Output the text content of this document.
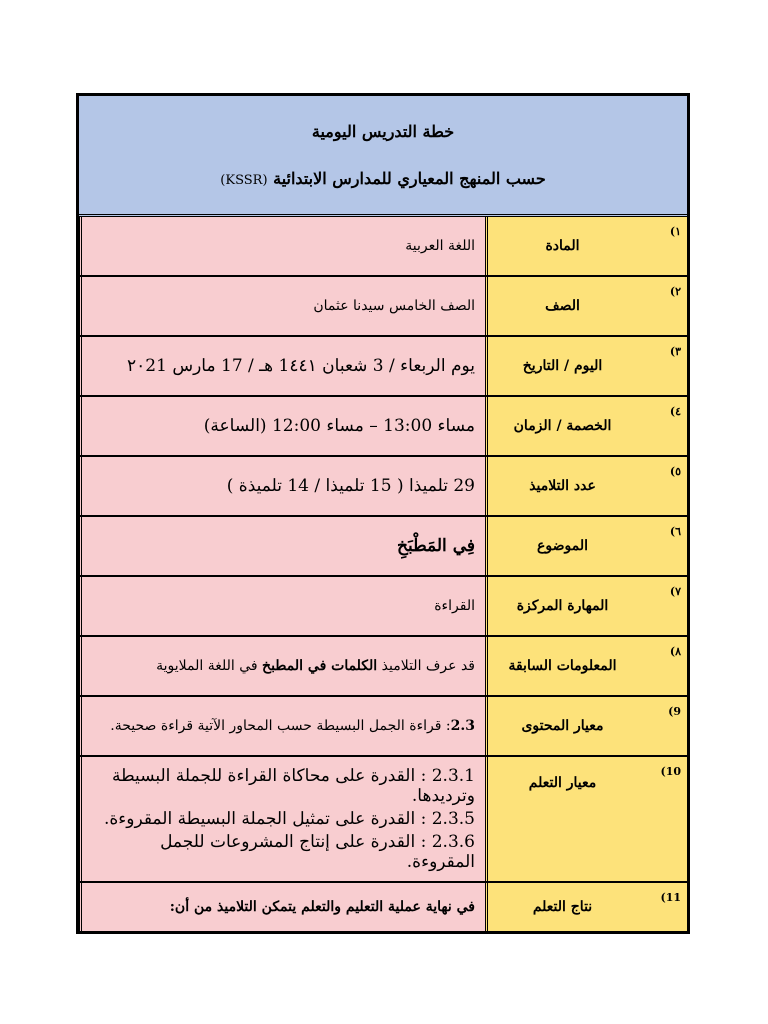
خطة التدريس اليومية
حسب المنهج المعياري للمدارس الابتدائية (KSSR)
١)
المادة
اللغة العربية
٢)
الصف
الصف الخامس سيدنا عثمان
٣)
اليوم / التاريخ
يوم الربعاء / 3 شعبان 1٤٤١ هـ / 17 مارس ٢٠21
٤)
الخصمة / الزمان
مساء 13:00 – مساء 12:00 (الساعة)
٥)
عدد التلاميذ
29 تلميذا ( 15 تلميذا / 14 تلميذة )
٦)
الموضوع
فِي المَطْبَخِ
٧)
المهارة المركزة
القراءة
٨)
المعلومات السابقة
قد عرف التلاميذ

الكلمات في المطبخ

في اللغة الملايوية
9)
معيار المحتوى
2.3
: قراءة الجمل البسيطة حسب المحاور الآتية قراءة صحيحة.
10)
معيار التعلم
2.3.1 : القدرة على محاكاة القراءة للجملة البسيطة وترديدها.
2.3.5 : القدرة على تمثيل الجملة البسيطة المقروءة.
2.3.6 : القدرة على إنتاج المشروعات للجمل المقروءة.
11)
نتاج التعلم
في نهاية عملية التعليم والتعلم يتمكن التلاميذ من أن:
